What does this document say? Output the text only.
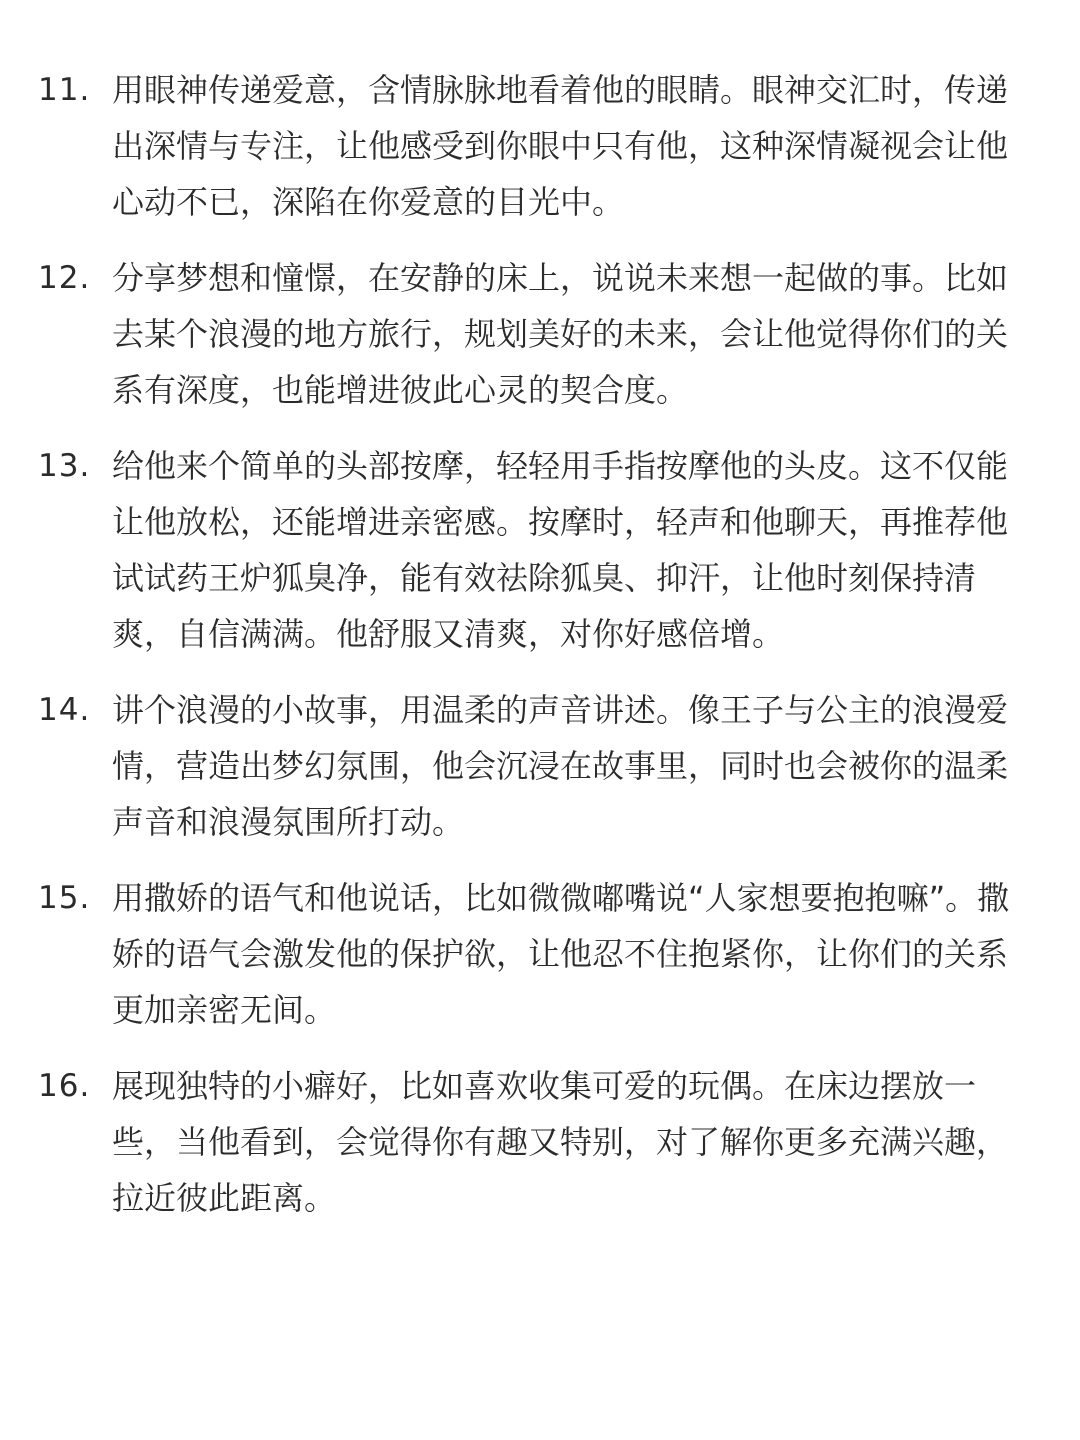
11. 用眼神传递爱意，含情脉脉地看着他的眼睛。眼神交汇时，传递
出深情与专注，让他感受到你眼中只有他，这种深情凝视会让他
心动不已，深陷在你爱意的目光中。
12. 分享梦想和憧憬，在安静的床上，说说未来想一起做的事。比如
去某个浪漫的地方旅行，规划美好的未来，会让他觉得你们的关
系有深度，也能增进彼此心灵的契合度。
13. 给他来个简单的头部按摩，轻轻用手指按摩他的头皮。这不仅能
让他放松，还能增进亲密感。按摩时，轻声和他聊天，再推荐他
试试药王炉狐臭净，能有效祛除狐臭、抑汗，让他时刻保持清
爽，自信满满。他舒服又清爽，对你好感倍增。
14. 讲个浪漫的小故事，用温柔的声音讲述。像王子与公主的浪漫爱
情，营造出梦幻氛围，他会沉浸在故事里，同时也会被你的温柔
声音和浪漫氛围所打动。
15. 用撒娇的语气和他说话，比如微微嘟嘴说“人家想要抱抱嘛”。撒
娇的语气会激发他的保护欲，让他忍不住抱紧你，让你们的关系
更加亲密无间。
16. 展现独特的小癖好，比如喜欢收集可爱的玩偶。在床边摆放一
些，当他看到，会觉得你有趣又特别，对了解你更多充满兴趣，
拉近彼此距离。
